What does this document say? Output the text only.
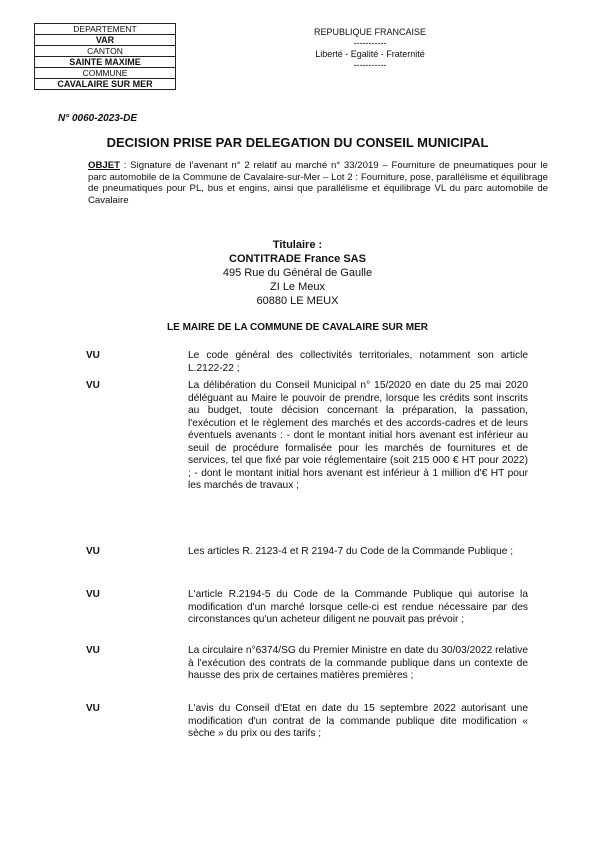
DEPARTEMENT
VAR
CANTON
SAINTE MAXIME
COMMUNE
CAVALAIRE SUR MER
REPUBLIQUE FRANCAISE
-----------
Liberté - Egalité - Fraternité
-----------
N° 0060-2023-DE
DECISION PRISE PAR DELEGATION DU CONSEIL MUNICIPAL
OBJET : Signature de l'avenant n° 2 relatif au marché n° 33/2019 – Fourniture de pneumatiques pour le parc automobile de la Commune de Cavalaire-sur-Mer – Lot 2 : Fourniture, pose, parallélisme et équilibrage de pneumatiques pour PL, bus et engins, ainsi que parallélisme et équilibrage VL du parc automobile de Cavalaire
Titulaire :
CONTITRADE France SAS
495 Rue du Général de Gaulle
ZI Le Meux
60880 LE MEUX
LE MAIRE DE LA COMMUNE DE CAVALAIRE SUR MER
VU	Le code général des collectivités territoriales, notamment son article L.2122-22 ;
VU	La délibération du Conseil Municipal n° 15/2020 en date du 25 mai 2020 déléguant au Maire le pouvoir de prendre, lorsque les crédits sont inscrits au budget, toute décision concernant la préparation, la passation, l'exécution et le règlement des marchés et des accords-cadres et de leurs éventuels avenants : - dont le montant initial hors avenant est inférieur au seuil de procédure formalisée pour les marchés de fournitures et de services, tel que fixé par voie réglementaire (soit 215 000 € HT pour 2022) ; - dont le montant initial hors avenant est inférieur à 1 million d'€ HT pour les marchés de travaux ;
VU	Les articles R. 2123-4 et R 2194-7 du Code de la Commande Publique ;
VU	L'article R.2194-5 du Code de la Commande Publique qui autorise la modification d'un marché lorsque celle-ci est rendue nécessaire par des circonstances qu'un acheteur diligent ne pouvait pas prévoir ;
VU	La circulaire n°6374/SG du Premier Ministre en date du 30/03/2022 relative à l'exécution des contrats de la commande publique dans un contexte de hausse des prix de certaines matières premières ;
VU	L'avis du Conseil d'Etat en date du 15 septembre 2022 autorisant une modification d'un contrat de la commande publique dite modification « sèche » du prix ou des tarifs ;
